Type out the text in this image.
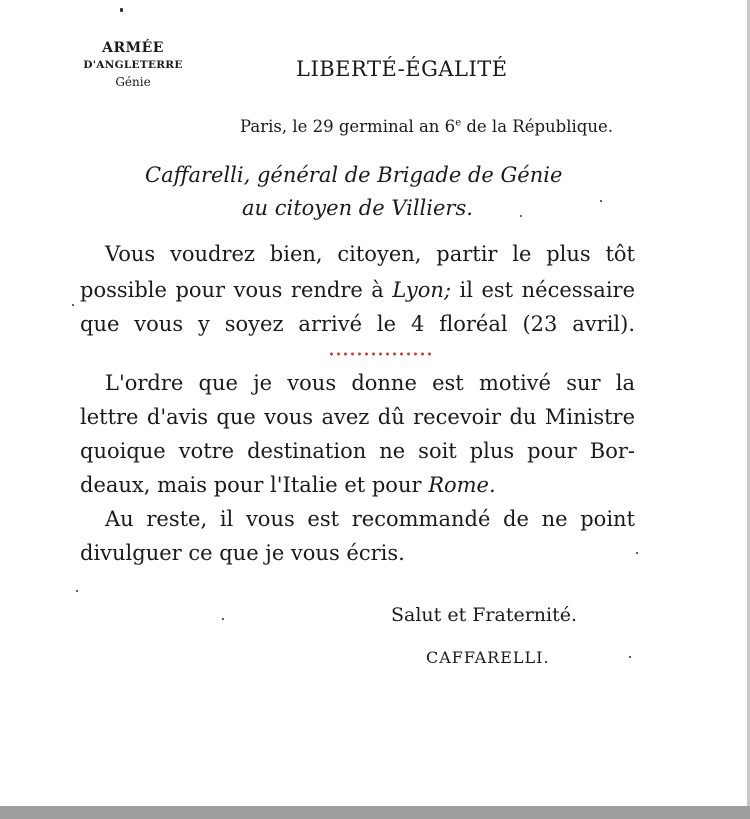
ARMÉE
D'ANGLETERRE
Génie
LIBERTÉ-ÉGALITÉ
Paris, le 29 germinal an 6e de la République.
Caffarelli, général de Brigade de Génie
au citoyen de Villiers.
Vous voudrez bien, citoyen, partir le plus tôt
possible pour vous rendre à Lyon; il est nécessaire
que vous y soyez arrivé le 4 floréal (23 avril).
L'ordre que je vous donne est motivé sur la
lettre d'avis que vous avez dû recevoir du Ministre
quoique votre destination ne soit plus pour Bor-
deaux, mais pour l'Italie et pour Rome.
Au reste, il vous est recommandé de ne point
divulguer ce que je vous écris.
Salut et Fraternité.
CAFFARELLI.
